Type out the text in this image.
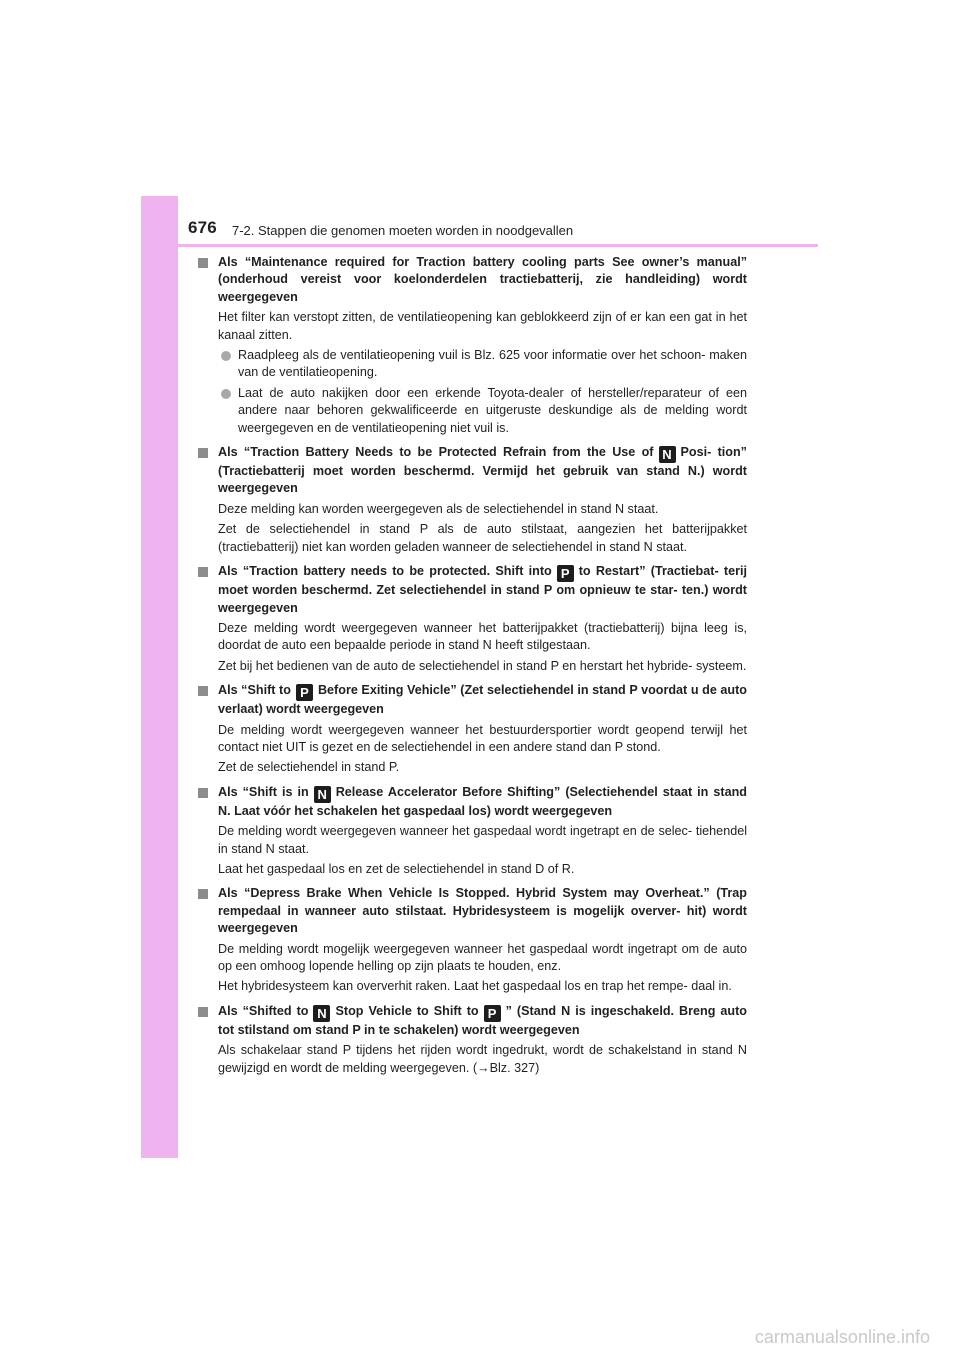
676 7-2. Stappen die genomen moeten worden in noodgevallen
Als “Maintenance required for Traction battery cooling parts See owner’s manual” (onderhoud vereist voor koelonderdelen tractiebatterij, zie handleiding) wordt weergegeven
Het filter kan verstopt zitten, de ventilatieopening kan geblokkeerd zijn of er kan een gat in het kanaal zitten.
Raadpleeg als de ventilatieopening vuil is Blz. 625 voor informatie over het schoon- maken van de ventilatieopening.
Laat de auto nakijken door een erkende Toyota-dealer of hersteller/reparateur of een andere naar behoren gekwalificeerde en uitgeruste deskundige als de melding wordt weergegeven en de ventilatieopening niet vuil is.
Als “Traction Battery Needs to be Protected Refrain from the Use of N Posi- tion” (Tractiebatterij moet worden beschermd. Vermijd het gebruik van stand N.) wordt weergegeven
Deze melding kan worden weergegeven als de selectiehendel in stand N staat.
Zet de selectiehendel in stand P als de auto stilstaat, aangezien het batterijpakket (tractiebatterij) niet kan worden geladen wanneer de selectiehendel in stand N staat.
Als “Traction battery needs to be protected. Shift into P to Restart” (Tractiebat- terij moet worden beschermd. Zet selectiehendel in stand P om opnieuw te star- ten.) wordt weergegeven
Deze melding wordt weergegeven wanneer het batterijpakket (tractiebatterij) bijna leeg is, doordat de auto een bepaalde periode in stand N heeft stilgestaan.
Zet bij het bedienen van de auto de selectiehendel in stand P en herstart het hybride- systeem.
Als “Shift to P Before Exiting Vehicle” (Zet selectiehendel in stand P voordat u de auto verlaat) wordt weergegeven
De melding wordt weergegeven wanneer het bestuurdersportier wordt geopend terwijl het contact niet UIT is gezet en de selectiehendel in een andere stand dan P stond.
Zet de selectiehendel in stand P.
Als “Shift is in N Release Accelerator Before Shifting” (Selectiehendel staat in stand N. Laat vóór het schakelen het gaspedaal los) wordt weergegeven
De melding wordt weergegeven wanneer het gaspedaal wordt ingetrapt en de selec- tiehendel in stand N staat.
Laat het gaspedaal los en zet de selectiehendel in stand D of R.
Als “Depress Brake When Vehicle Is Stopped. Hybrid System may Overheat.” (Trap rempedaal in wanneer auto stilstaat. Hybridesysteem is mogelijk overver- hit) wordt weergegeven
De melding wordt mogelijk weergegeven wanneer het gaspedaal wordt ingetrapt om de auto op een omhoog lopende helling op zijn plaats te houden, enz.
Het hybridesysteem kan oververhit raken. Laat het gaspedaal los en trap het rempe- daal in.
Als “Shifted to N Stop Vehicle to Shift to P ” (Stand N is ingeschakeld. Breng auto tot stilstand om stand P in te schakelen) wordt weergegeven
Als schakelaar stand P tijdens het rijden wordt ingedrukt, wordt de schakelstand in stand N gewijzigd en wordt de melding weergegeven. (→Blz. 327)
carmanualsonline.info
